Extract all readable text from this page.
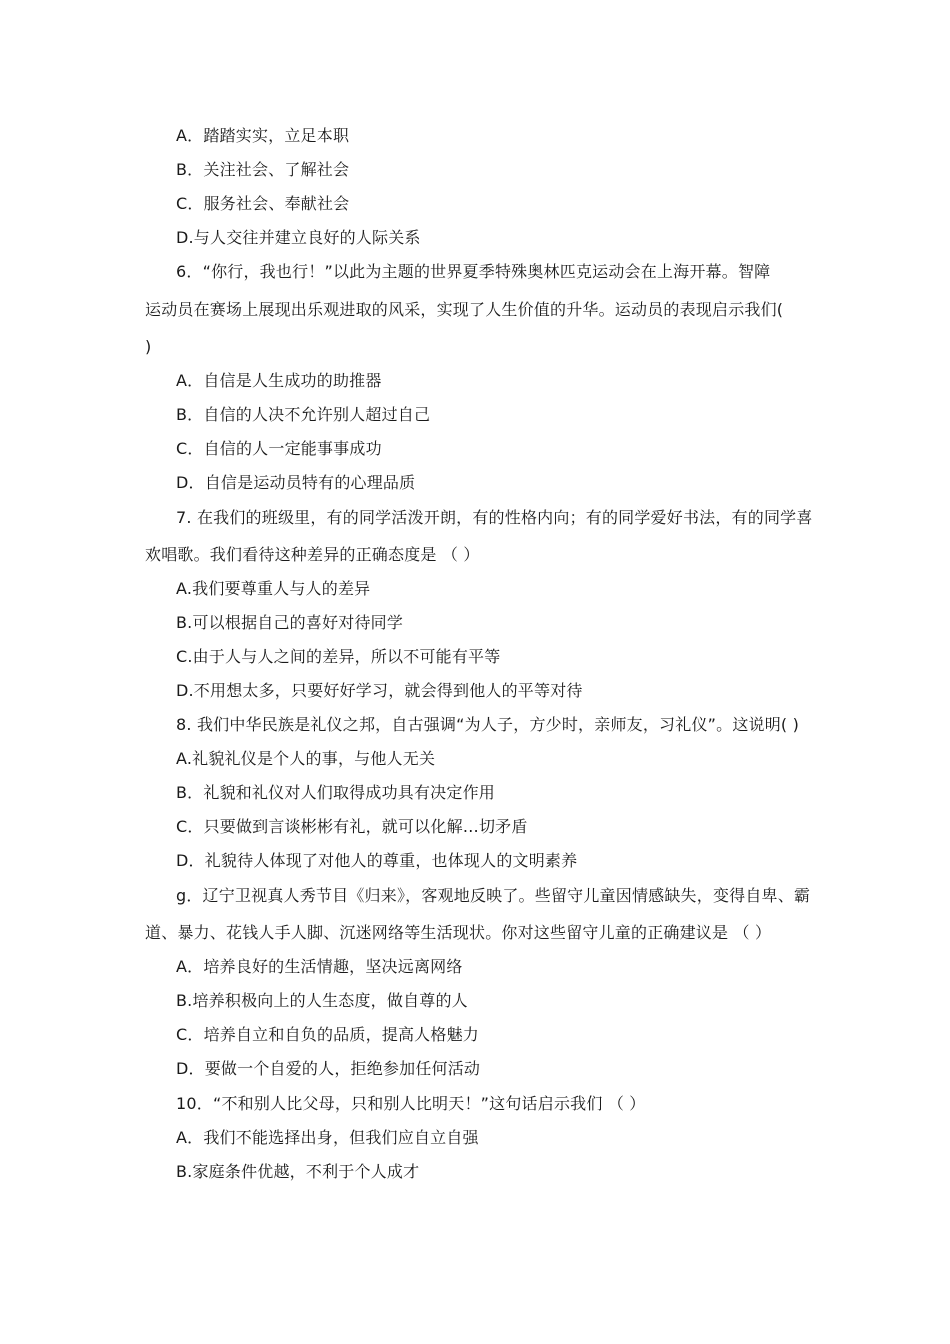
A．踏踏实实，立足本职
B．关注社会、了解社会
C．服务社会、奉献社会
D.与人交往并建立良好的人际关系
6．“你行，我也行！”以此为主题的世界夏季特殊奥林匹克运动会在上海开幕。智障
运动员在赛场上展现出乐观进取的风采，实现了人生价值的升华。运动员的表现启示我们(
)
A．自信是人生成功的助推器
B．自信的人决不允许别人超过自己
C．自信的人一定能事事成功
D．自信是运动员特有的心理品质
7. 在我们的班级里，有的同学活泼开朗，有的性格内向；有的同学爱好书法，有的同学喜
欢唱歌。我们看待这种差异的正确态度是 （ ）
A.我们要尊重人与人的差异
B.可以根据自己的喜好对待同学
C.由于人与人之间的差异，所以不可能有平等
D.不用想太多，只要好好学习，就会得到他人的平等对待
8. 我们中华民族是礼仪之邦，自古强调“为人子，方少时，亲师友，习礼仪”。这说明( )
A.礼貌礼仪是个人的事，与他人无关
B．礼貌和礼仪对人们取得成功具有决定作用
C．只要做到言谈彬彬有礼，就可以化解…切矛盾
D．礼貌待人体现了对他人的尊重，也体现人的文明素养
g．辽宁卫视真人秀节目《归来》，客观地反映了。些留守儿童因情感缺失，变得自卑、霸
道、暴力、花钱人手人脚、沉迷网络等生活现状。你对这些留守儿童的正确建议是 （ ）
A．培养良好的生活情趣，坚决远离网络
B.培养积极向上的人生态度，做自尊的人
C．培养自立和自负的品质，提高人格魅力
D．要做一个自爱的人，拒绝参加任何活动
10．“不和别人比父母，只和别人比明天！”这句话启示我们 （ ）
A．我们不能选择出身，但我们应自立自强
B.家庭条件优越，不利于个人成才
